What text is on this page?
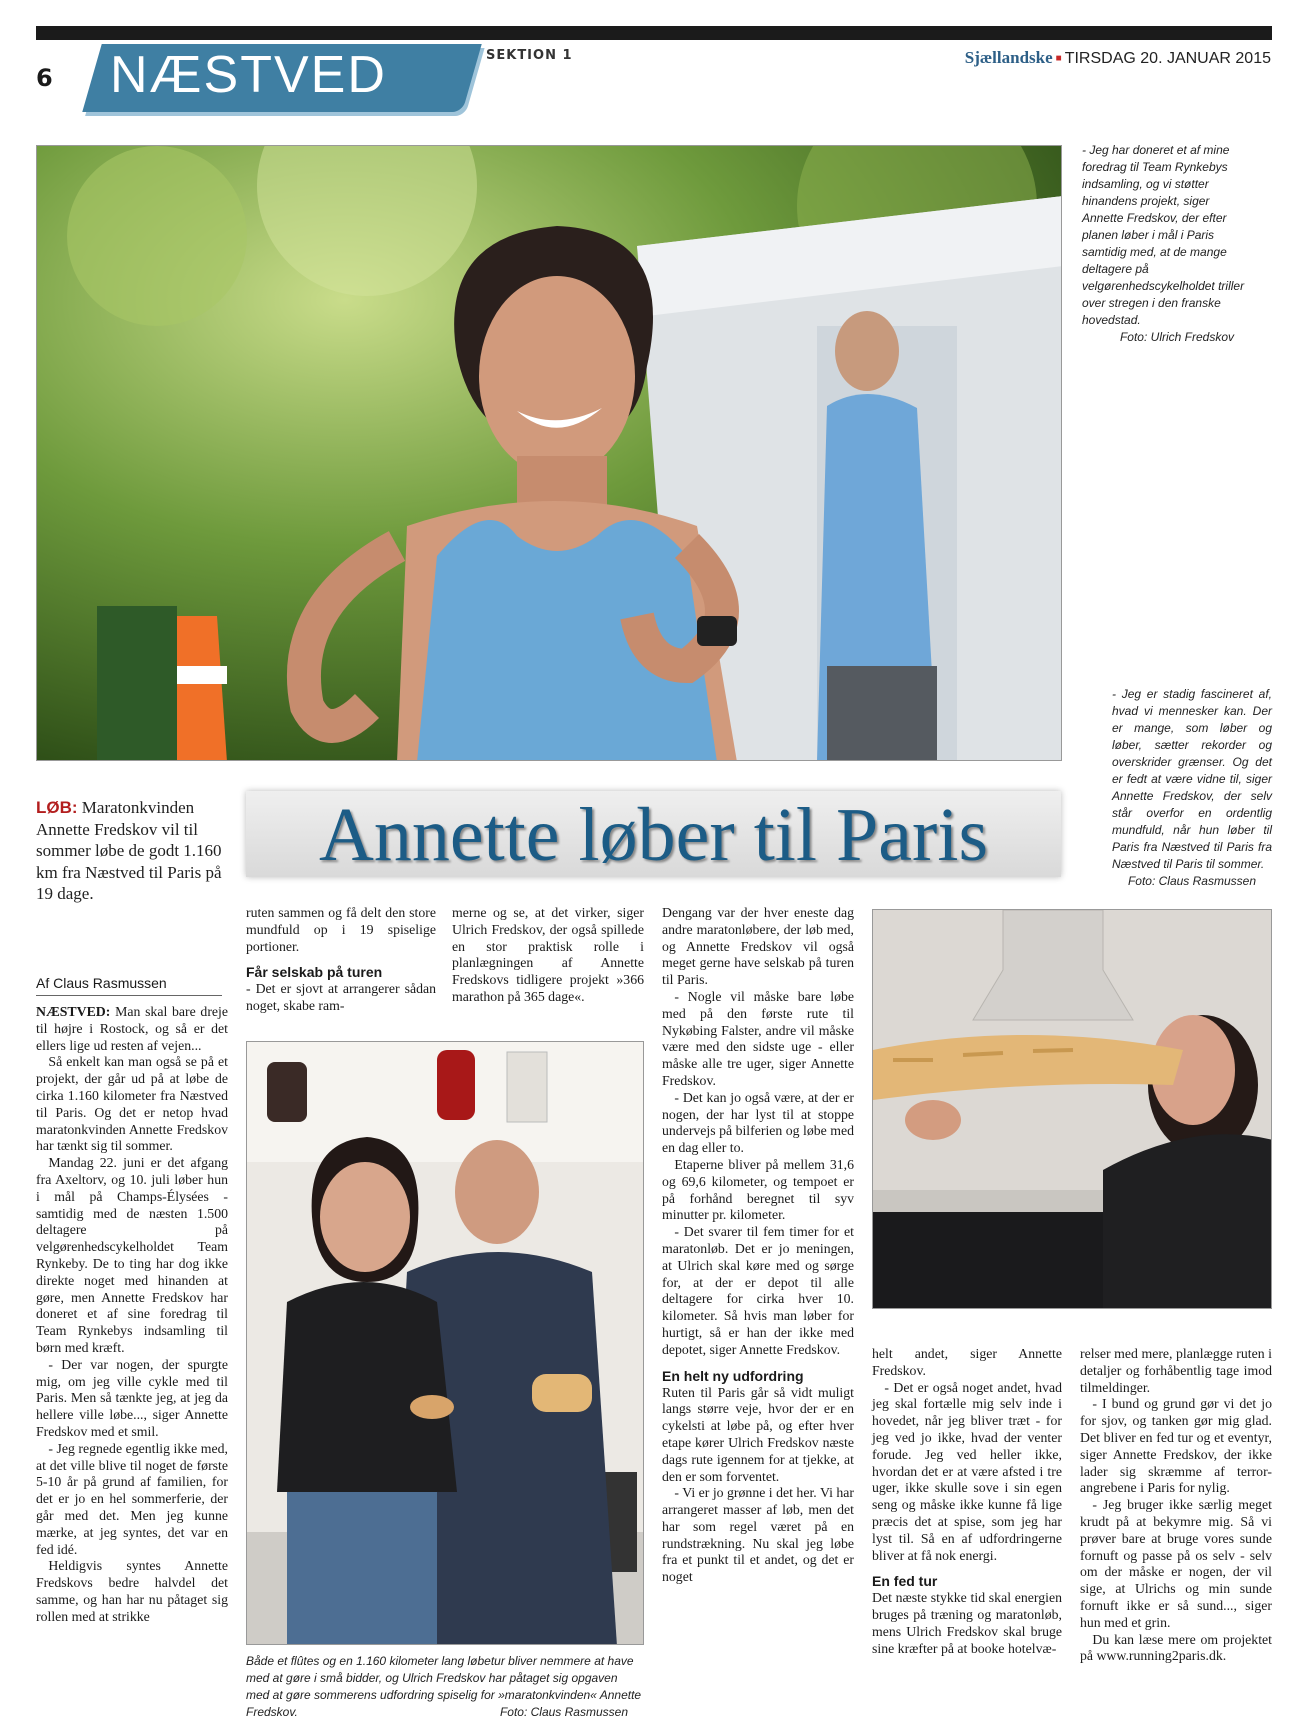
6 NÆSTVED	SEKTION 1	Sjællandske ■ TIRSDAG 20. JANUAR 2015
- Jeg har doneret et af mine foredrag til Team Rynkebys indsamling, og vi støtter hinandens projekt, siger Annette Fredskov, der efter planen løber i mål i Paris samtidig med, at de mange deltagere på velgørenhedscykelholdet triller over stregen i den franske hovedstad.
Foto: Ulrich Fredskov
- Jeg er stadig fascineret af, hvad vi mennesker kan. Der er mange, som løber og løber, sætter rekorder og overskrider grænser. Og det er fedt at være vidne til, siger Annette Fredskov, der selv står overfor en ordentlig mundfuld, når hun løber til Paris fra Næstved til Paris fra Næstved til Paris til sommer.
Foto: Claus Rasmussen
Annette løber til Paris
LØB: Maratonkvinden Annette Fredskov vil til sommer løbe de godt 1.160 km fra Næstved til Paris på 19 dage.
Af Claus Rasmussen
NÆSTVED: Man skal bare dreje til højre i Rostock, og så er det ellers lige ud resten af vejen...
Så enkelt kan man også se på et projekt, der går ud på at løbe de cirka 1.160 kilometer fra Næstved til Paris. Og det er netop hvad maratonkvinden Annette Fredskov har tænkt sig til sommer.
Mandag 22. juni er det afgang fra Axeltorv, og 10. juli løber hun i mål på Champs-Élysées - samtidig med de næsten 1.500 deltagere på velgørenhedscykelholdet Team Rynkeby. De to ting har dog ikke direkte noget med hinanden at gøre, men Annette Fredskov har doneret et af sine foredrag til Team Rynkebys indsamling til børn med kræft.
- Der var nogen, der spurgte mig, om jeg ville cykle med til Paris. Men så tænkte jeg, at jeg da hellere ville løbe..., siger Annette Fredskov med et smil.
- Jeg regnede egentlig ikke med, at det ville blive til noget de første 5-10 år på grund af familien, for det er jo en hel sommerferie, der går med det. Men jeg kunne mærke, at jeg syntes, det var en fed idé.
Heldigvis syntes Annette Fredskovs bedre halvdel det samme, og han har nu påtaget sig rollen med at strikke
ruten sammen og få delt den store mundfuld op i 19 spiselige portioner.
Får selskab på turen
- Det er sjovt at arrangerer sådan noget, skabe ram-
merne og se, at det virker, siger Ulrich Fredskov, der også spillede en stor praktisk rolle i planlægningen af Annette Fredskovs tidligere projekt »366 marathon på 365 dage«.
Både et flûtes og en 1.160 kilometer lang løbetur bliver nemmere at have med at gøre i små bidder, og Ulrich Fredskov har påtaget sig opgaven med at gøre sommerens udfordring spiselig for »maratonkvinden« Annette Fredskov.	Foto: Claus Rasmussen
Dengang var der hver eneste dag andre maratonløbere, der løb med, og Annette Fredskov vil også meget gerne have selskab på turen til Paris.
- Nogle vil måske bare løbe med på den første rute til Nykøbing Falster, andre vil måske være med den sidste uge - eller måske alle tre uger, siger Annette Fredskov.
- Det kan jo også være, at der er nogen, der har lyst til at stoppe undervejs på bilferien og løbe med en dag eller to.
Etaperne bliver på mellem 31,6 og 69,6 kilometer, og tempoet er på forhånd beregnet til syv minutter pr. kilometer.
- Det svarer til fem timer for et maratonløb. Det er jo meningen, at Ulrich skal køre med og sørge for, at der er depot til alle deltagere for cirka hver 10. kilometer. Så hvis man løber for hurtigt, så er han der ikke med depotet, siger Annette Fredskov.
En helt ny udfordring
Ruten til Paris går så vidt muligt langs større veje, hvor der er en cykelsti at løbe på, og efter hver etape kører Ulrich Fredskov næste dags rute igennem for at tjekke, at den er som forventet.
- Vi er jo grønne i det her. Vi har arrangeret masser af løb, men det har som regel været på en rundstrækning. Nu skal jeg løbe fra et punkt til et andet, og det er noget
helt andet, siger Annette Fredskov.
- Det er også noget andet, hvad jeg skal fortælle mig selv inde i hovedet, når jeg bliver træt - for jeg ved jo ikke, hvad der venter forude. Jeg ved heller ikke, hvordan det er at være afsted i tre uger, ikke skulle sove i sin egen seng og måske ikke kunne få lige præcis det at spise, som jeg har lyst til. Så en af udfordringerne bliver at få nok energi.
En fed tur
Det næste stykke tid skal energien bruges på træning og maratonløb, mens Ulrich Fredskov skal bruge sine kræfter på at booke hotelvæ-
relser med mere, planlægge ruten i detaljer og forhåbentlig tage imod tilmeldinger.
- I bund og grund gør vi det jo for sjov, og tanken gør mig glad. Det bliver en fed tur og et eventyr, siger Annette Fredskov, der ikke lader sig skræmme af terror-angrebene i Paris for nylig.
- Jeg bruger ikke særlig meget krudt på at bekymre mig. Så vi prøver bare at bruge vores sunde fornuft og passe på os selv - selv om der måske er nogen, der vil sige, at Ulrichs og min sunde fornuft ikke er så sund..., siger hun med et grin.
Du kan læse mere om projektet på www.running2paris.dk.
